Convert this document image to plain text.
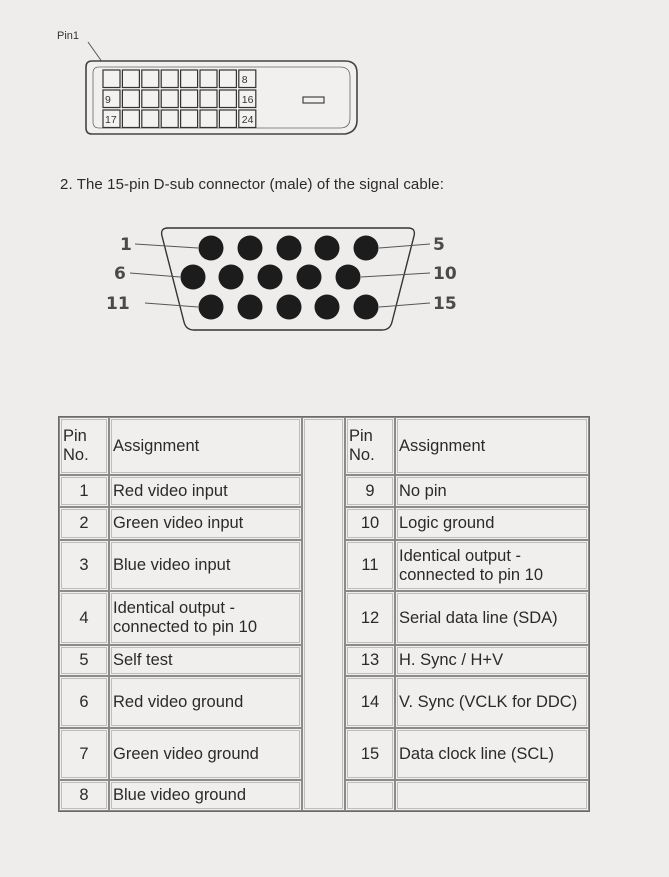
Pin1
8
9	16
17	24
2. The 15-pin D-sub connector (male) of the signal cable:
1
6
11
5
10
15
Pin No.	Assignment		Pin No.	Assignment
1	Red video input		9	No pin
2	Green video input		10	Logic ground
3	Blue video input		11	Identical output - connected to pin 10
4	Identical output - connected to pin 10		12	Serial data line (SDA)
5	Self test		13	H. Sync / H+V
6	Red video ground		14	V. Sync (VCLK for DDC)
7	Green video ground		15	Data clock line (SCL)
8	Blue video ground			
